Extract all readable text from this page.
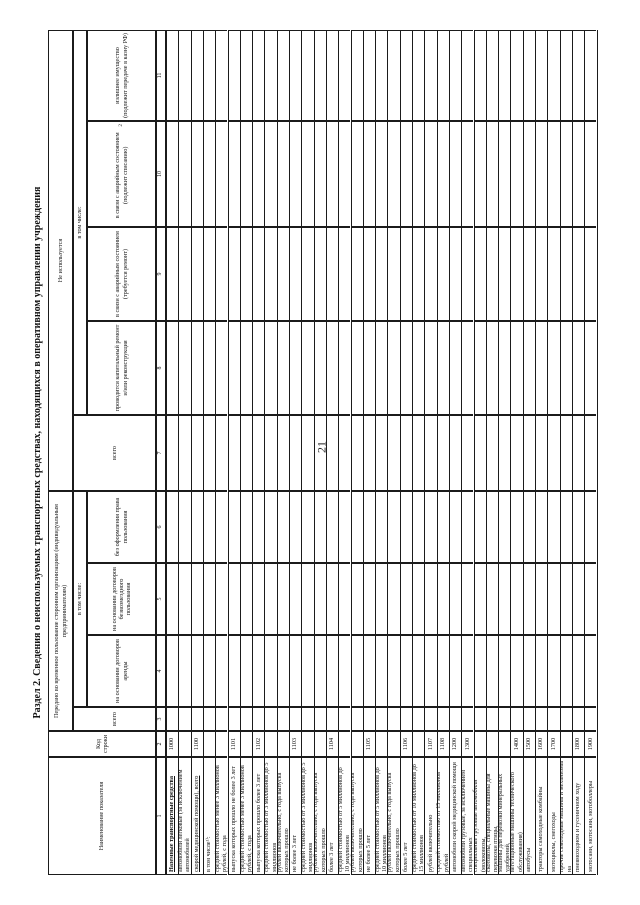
21
Раздел 2. Сведения о неиспользуемых транспортных средствах, находящихся в оперативном управлении учреждения
Наименование показателя
Код строки
Передано во временное пользование сторонним организациям (индивидуальным предпринимателям)
всего
в том числе:
на основании договоров аренды
на основании договоров безвозмездного пользования
без оформления права пользования
Не используется
всего
в том числе:
проводится капитальный ремонт и/или реконструкция
в связи с аварийным состоянием (требуется ремонт)
в связи с аварийным состоянием (подлежит списанию)
2
излишнее имущество (подлежит передаче в казну РФ)
1
2
3
4
5
6
7
8
9
10
11
Наземные транспортные средства
1000
автомобили легковые (за исключением автомобилей скорой медицинской помощи), всего
1100
в том числе¹⁾: средней стоимостью менее 3 миллионов рублей, с года выпуска которых прошло не более 3 лет
1101
средней стоимостью менее 3 миллионов рублей, с года выпуска которых прошло более 3 лет
1102
средней стоимостью от 3 миллионов до 5 миллионов
рублей включительно, с года выпуска которых прошло не более 3 лет
1103
средней стоимостью от 3 миллионов до 5 миллионов
рублей включительно, с года выпуска которых прошло более 3 лет
1104
средней стоимостью от 5 миллионов до 10 миллионов
рублей включительно, с года выпуска которых прошло не более 5 лет
1105
средней стоимостью от 5 миллионов до 10 миллионов
рублей включительно, с года выпуска которых прошло более 5 лет
1106
средней стоимостью от 10 миллионов до 15 миллионов рублей включительно
1107
средней стоимостью от 15 миллионов рублей
1108
автомобили скорой медицинской помощи
1200
автомобили грузовые, за исключением специальных
1300
специальные грузовые автомобили (молоковозы,
скотовозы, специальные машины для перевозки птицы,
машины для перевозки минеральных удобрений,
вегетационные машины технического обслуживания)
1400
автобусы
1500
тракторы самоходные комбайны
1600
мотоциклы, снегоходы
1700
прочие самоходные машины и механизмы на пневмоходном и гусеничном ходу
1800
мотосани, мотосани, мотоболлеры
1900
